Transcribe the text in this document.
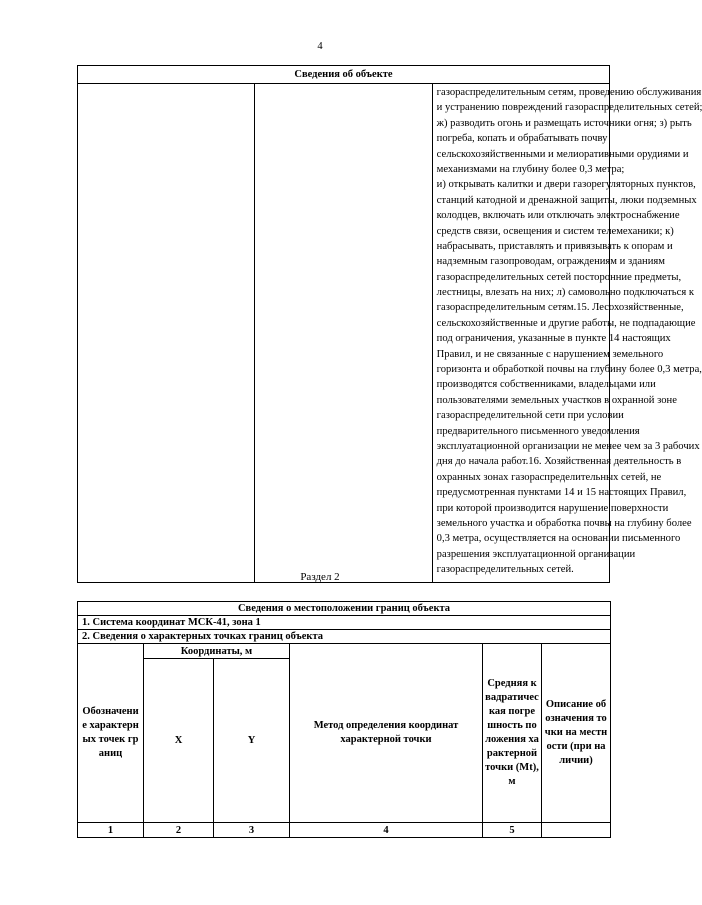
4
Сведения об объекте

газораспределительным сетям, проведению обслуживания
и устранению повреждений газораспределительных сетей;
ж) разводить огонь и размещать источники огня; з) рыть
погреба, копать и обрабатывать почву
сельскохозяйственными и мелиоративными орудиями и
механизмами на глубину более 0,3 метра;
и) открывать калитки и двери газорегуляторных пунктов,
станций катодной и дренажной защиты, люки подземных
колодцев, включать или отключать электроснабжение
средств связи, освещения и систем телемеханики; к)
набрасывать, приставлять и привязывать к опорам и
надземным газопроводам, ограждениям и зданиям
газораспределительных сетей посторонние предметы,
лестницы, влезать на них; л) самовольно подключаться к
газораспределительным сетям.15. Лесохозяйственные,
сельскохозяйственные и другие работы, не подпадающие
под ограничения, указанные в пункте 14 настоящих
Правил, и не связанные с нарушением земельного
горизонта и обработкой почвы на глубину более 0,3 метра,
производятся собственниками, владельцами или
пользователями земельных участков в охранной зоне
газораспределительной сети при условии
предварительного письменного уведомления
эксплуатационной организации не менее чем за 3 рабочих
дня до начала работ.16. Хозяйственная деятельность в
охранных зонах газораспределительных сетей, не
предусмотренная пунктами 14 и 15 настоящих Правил,
при которой производится нарушение поверхности
земельного участка и обработка почвы на глубину более
0,3 метра, осуществляется на основании письменного
разрешения эксплуатационной организации
газораспределительных сетей.
Раздел 2
Сведения о местоположении границ объекта					
1. Система координат МСК-41, зона 1					
2. Сведения о характерных точках границ объекта					
Обозначение характерных точек границ	Координаты, м		Метод определения координат характерной точки	Средняя квадратическая погрешность положения характерной точки (Mt), м	Описание обозначения точки на местности (при наличии)
	X	Y			
1	2	3	4	5	
